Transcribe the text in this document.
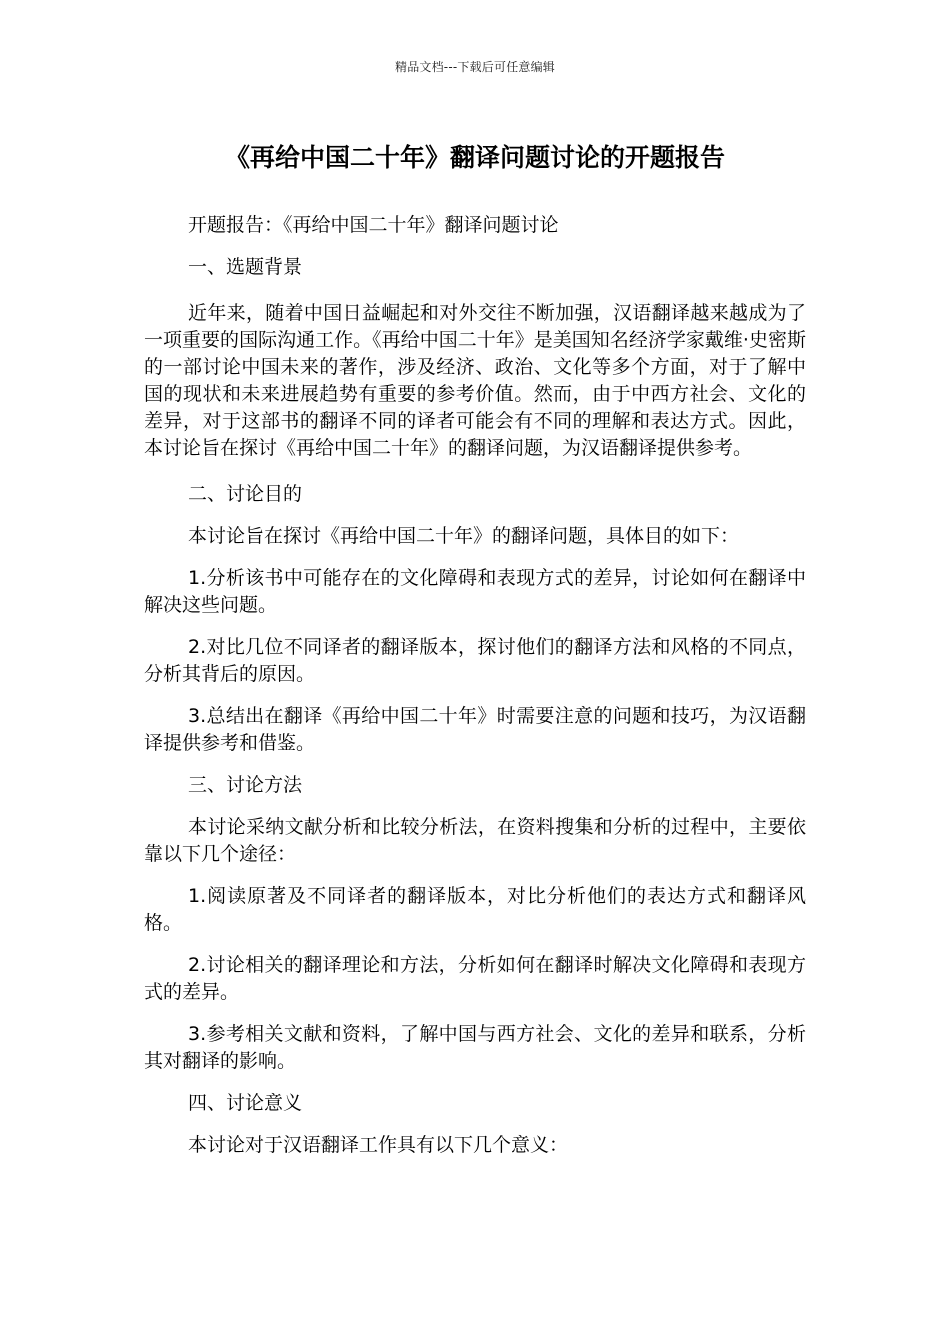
精品文档---下载后可任意编辑
《再给中国二十年》翻译问题讨论的开题报告

开题报告：《再给中国二十年》翻译问题讨论

一、选题背景

近年来，随着中国日益崛起和对外交往不断加强，汉语翻译越来越成为了一项重要的国际沟通工作。《再给中国二十年》是美国知名经济学家戴维·史密斯的一部讨论中国未来的著作，涉及经济、政治、文化等多个方面，对于了解中国的现状和未来进展趋势有重要的参考价值。然而，由于中西方社会、文化的差异，对于这部书的翻译不同的译者可能会有不同的理解和表达方式。因此，本讨论旨在探讨《再给中国二十年》的翻译问题，为汉语翻译提供参考。

二、讨论目的

本讨论旨在探讨《再给中国二十年》的翻译问题，具体目的如下：

1.分析该书中可能存在的文化障碍和表现方式的差异，讨论如何在翻译中解决这些问题。

2.对比几位不同译者的翻译版本，探讨他们的翻译方法和风格的不同点，分析其背后的原因。

3.总结出在翻译《再给中国二十年》时需要注意的问题和技巧，为汉语翻译提供参考和借鉴。

三、讨论方法

本讨论采纳文献分析和比较分析法，在资料搜集和分析的过程中，主要依靠以下几个途径：

1.阅读原著及不同译者的翻译版本，对比分析他们的表达方式和翻译风格。

2.讨论相关的翻译理论和方法，分析如何在翻译时解决文化障碍和表现方式的差异。

3.参考相关文献和资料，了解中国与西方社会、文化的差异和联系，分析其对翻译的影响。

四、讨论意义

本讨论对于汉语翻译工作具有以下几个意义：
